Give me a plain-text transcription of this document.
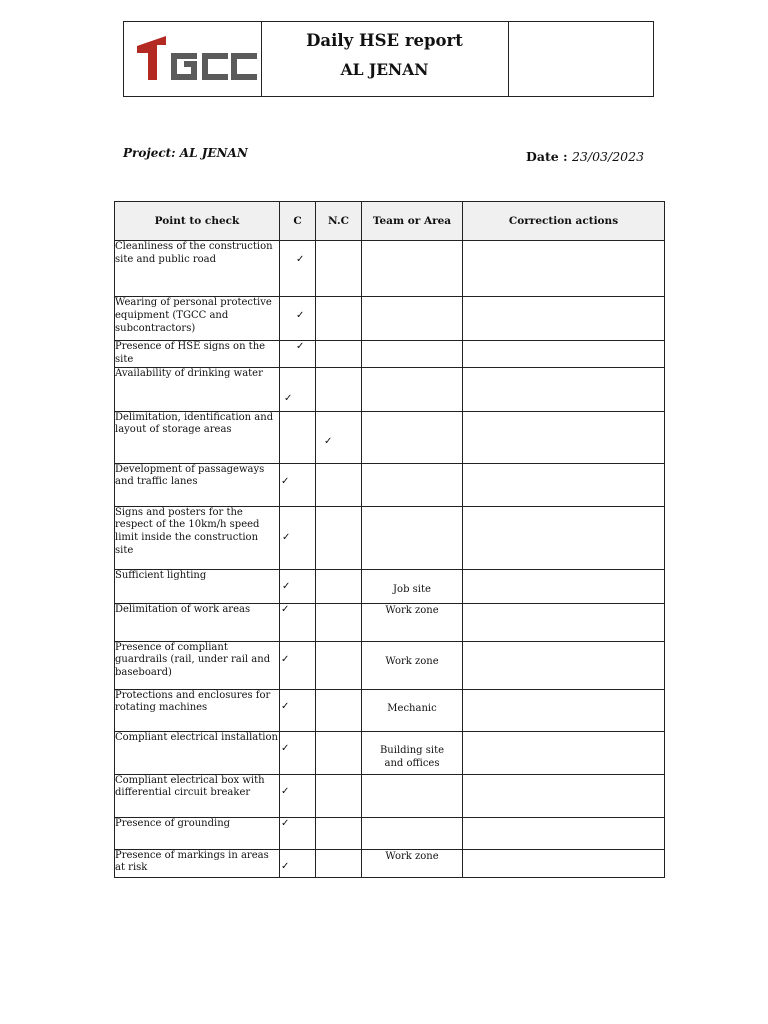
Daily HSE report
AL JENAN
Project: AL JENAN	Date : 23/03/2023
Point to check	C	N.C	Team or Area	Correction actions
Cleanliness of the construction site and public road	✓			

Wearing of personal protective equipment (TGCC and subcontractors)	✓			

Presence of HSE signs on the site	✓			

Availability of drinking water	✓			

Delimitation, identification and layout of storage areas		✓		

Development of passageways and traffic lanes	✓			

Signs and posters for the respect of the 10km/h speed limit inside the construction site	✓			

Sufficient lighting	✓		Job site	

Delimitation of work areas	✓		Work zone	

Presence of compliant guardrails (rail, under rail and baseboard)	✓		Work zone	

Protections and enclosures for rotating machines	✓		Mechanic	

Compliant electrical installation	✓		Building site and offices	

Compliant electrical box with differential circuit breaker	✓			

Presence of grounding	✓			

Presence of markings in areas at risk	✓		Work zone	
